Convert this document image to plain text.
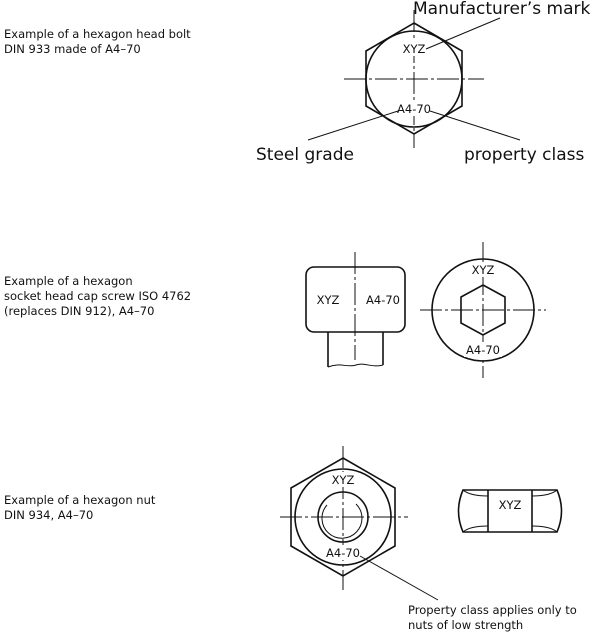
Example of a hexagon head bolt
DIN 933 made of A4–70

Example of a hexagon
socket head cap screw ISO 4762
(replaces DIN 912), A4–70

Example of a hexagon nut
DIN 934, A4–70

XYZ
A4-70
Manufacturer’s mark
Steel grade	property class
XYZ A4-70
XYZ
A4-70
XYZ
A4-70
XYZ
Property class applies only to
nuts of low strength
